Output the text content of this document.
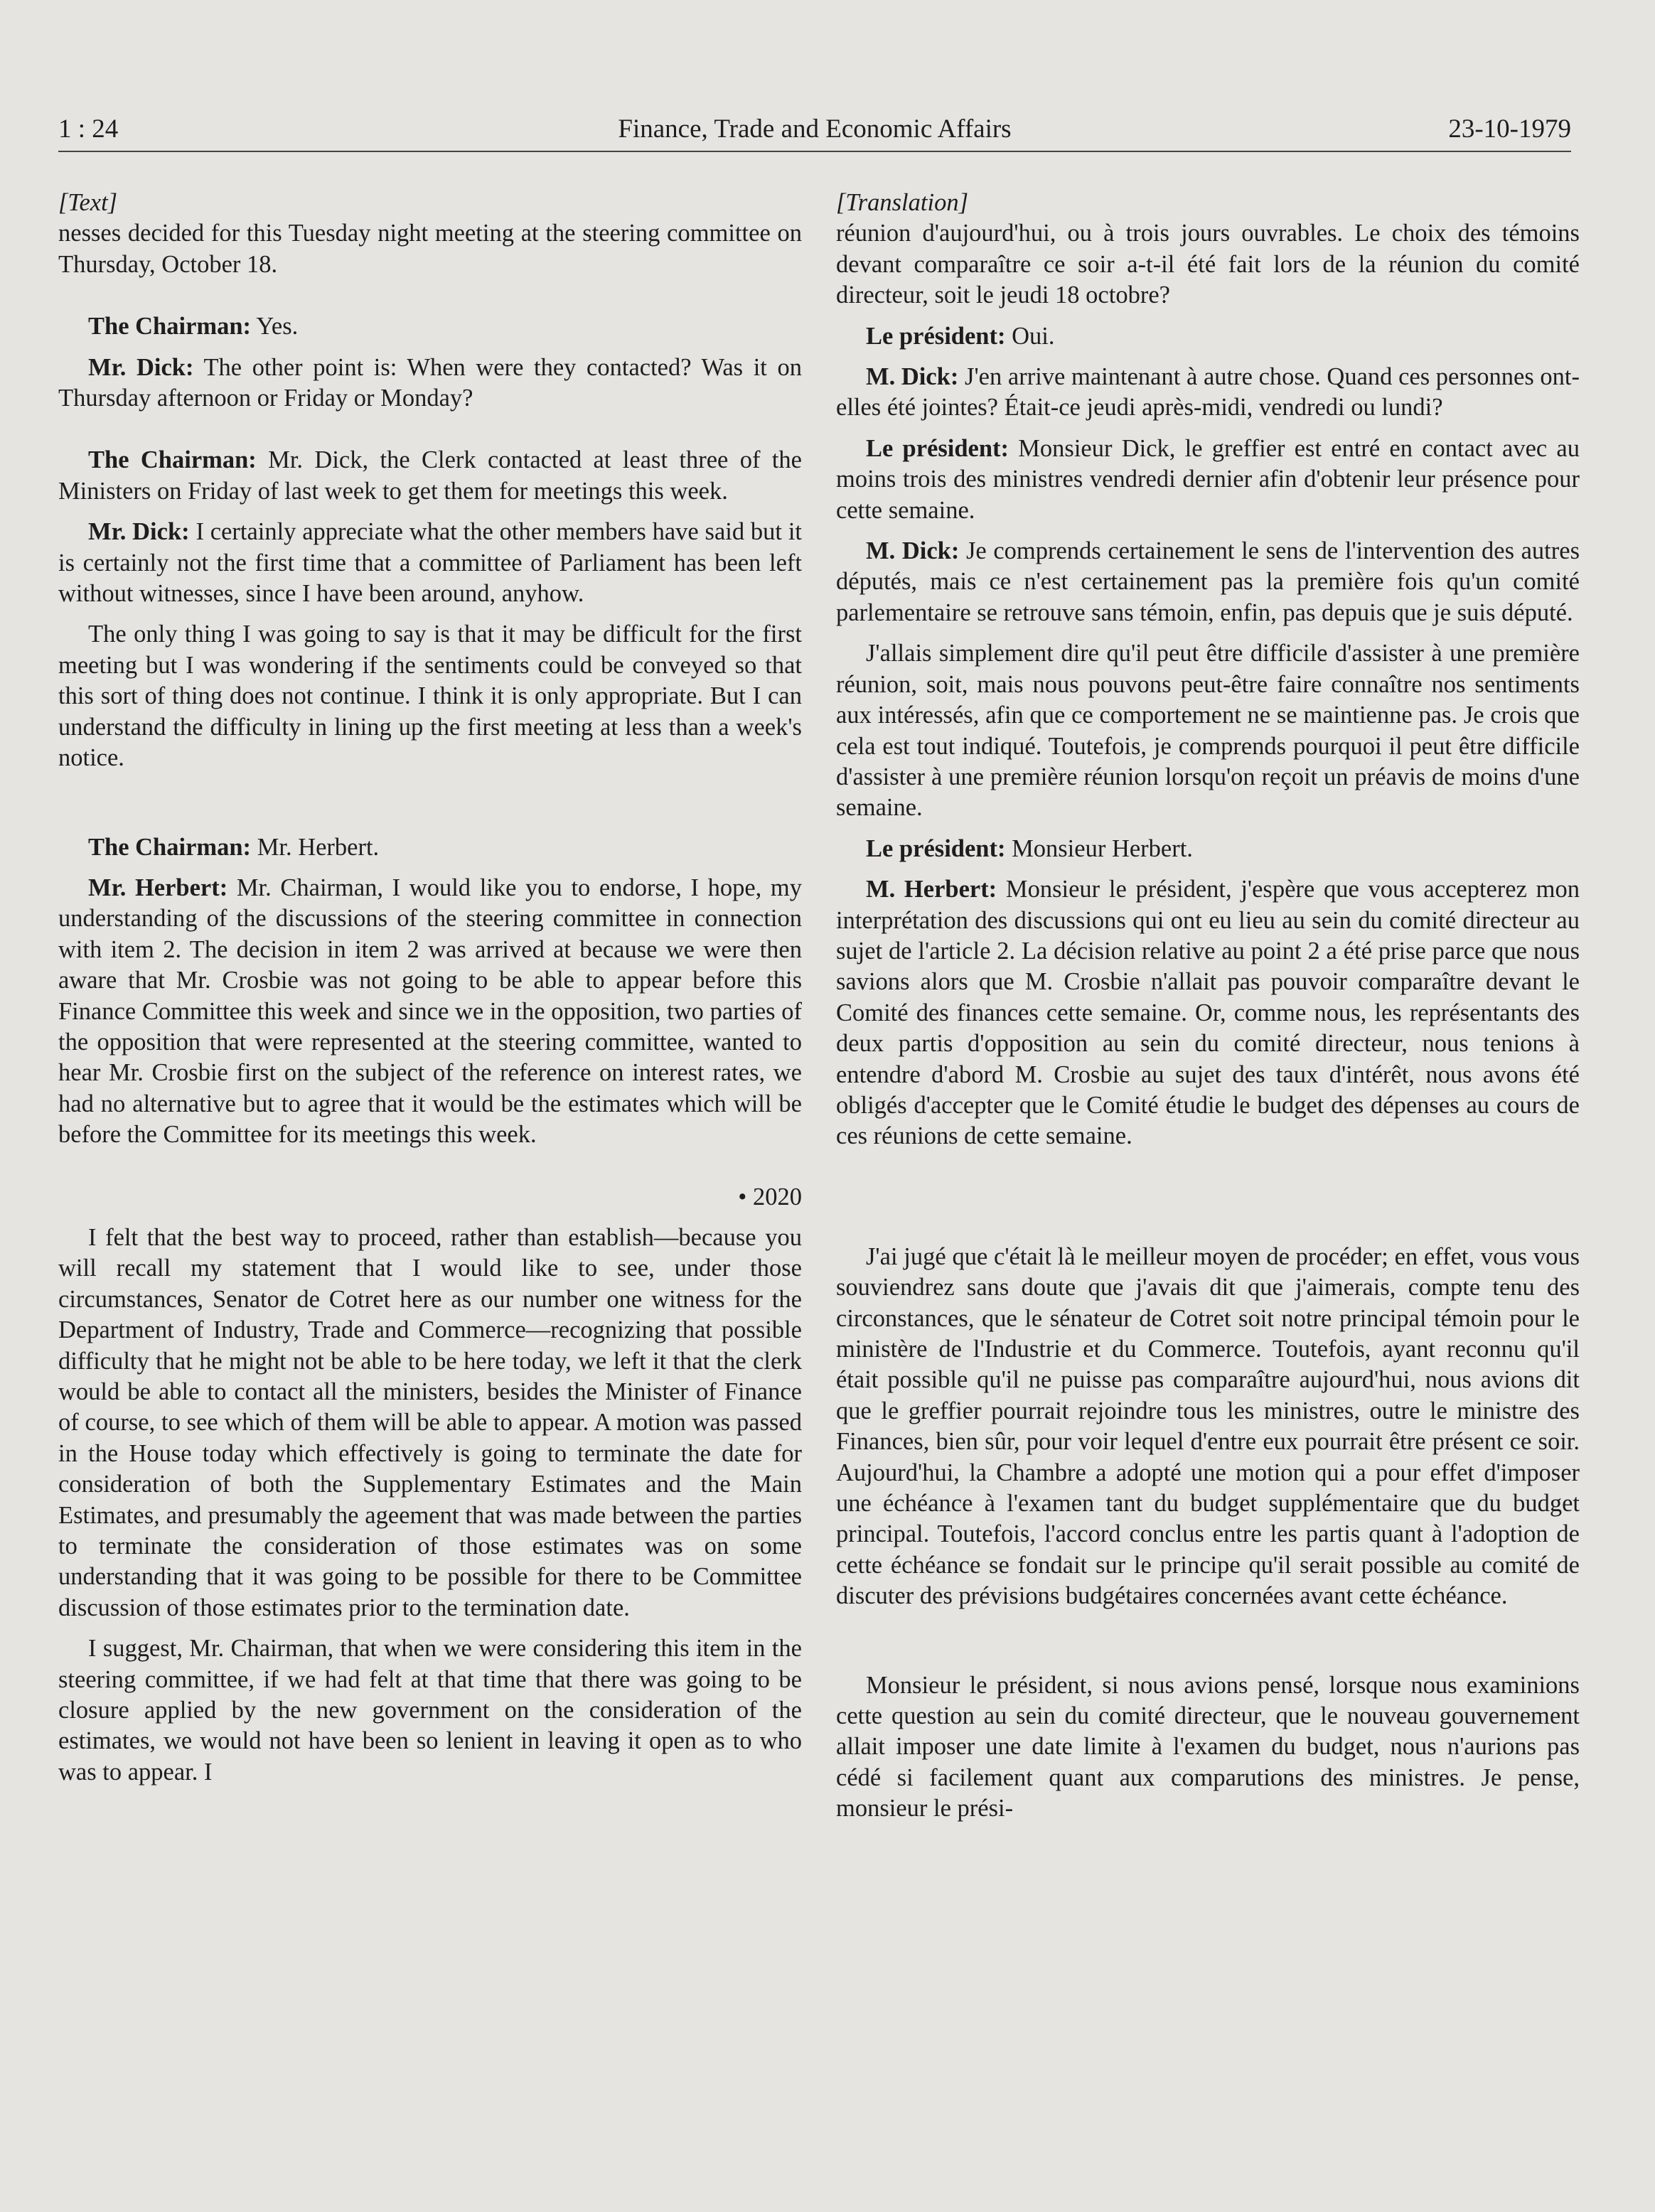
1 : 24	Finance, Trade and Economic Affairs	23-10-1979
[Text]

nesses decided for this Tuesday night meeting at the steering committee on Thursday, October 18.

The Chairman: Yes.

Mr. Dick: The other point is: When were they contacted? Was it on Thursday afternoon or Friday or Monday?

The Chairman: Mr. Dick, the Clerk contacted at least three of the Ministers on Friday of last week to get them for meetings this week.

Mr. Dick: I certainly appreciate what the other members have said but it is certainly not the first time that a committee of Parliament has been left without witnesses, since I have been around, anyhow.

The only thing I was going to say is that it may be difficult for the first meeting but I was wondering if the sentiments could be conveyed so that this sort of thing does not continue. I think it is only appropriate. But I can understand the difficulty in lining up the first meeting at less than a week's notice.

The Chairman: Mr. Herbert.

Mr. Herbert: Mr. Chairman, I would like you to endorse, I hope, my understanding of the discussions of the steering committee in connection with item 2. The decision in item 2 was arrived at because we were then aware that Mr. Crosbie was not going to be able to appear before this Finance Committee this week and since we in the opposition, two parties of the opposition that were represented at the steering committee, wanted to hear Mr. Crosbie first on the subject of the reference on interest rates, we had no alternative but to agree that it would be the estimates which will be before the Committee for its meetings this week.

• 2020

I felt that the best way to proceed, rather than establish—because you will recall my statement that I would like to see, under those circumstances, Senator de Cotret here as our number one witness for the Department of Industry, Trade and Commerce—recognizing that possible difficulty that he might not be able to be here today, we left it that the clerk would be able to contact all the ministers, besides the Minister of Finance of course, to see which of them will be able to appear. A motion was passed in the House today which effectively is going to terminate the date for consideration of both the Supplementary Estimates and the Main Estimates, and presumably the ageement that was made between the parties to terminate the consideration of those estimates was on some understanding that it was going to be possible for there to be Committee discussion of those estimates prior to the termination date.

I suggest, Mr. Chairman, that when we were considering this item in the steering committee, if we had felt at that time that there was going to be closure applied by the new government on the consideration of the estimates, we would not have been so lenient in leaving it open as to who was to appear. I

[Translation]

réunion d'aujourd'hui, ou à trois jours ouvrables. Le choix des témoins devant comparaître ce soir a-t-il été fait lors de la réunion du comité directeur, soit le jeudi 18 octobre?

Le président: Oui.

M. Dick: J'en arrive maintenant à autre chose. Quand ces personnes ont-elles été jointes? Était-ce jeudi après-midi, vendredi ou lundi?

Le président: Monsieur Dick, le greffier est entré en contact avec au moins trois des ministres vendredi dernier afin d'obtenir leur présence pour cette semaine.

M. Dick: Je comprends certainement le sens de l'intervention des autres députés, mais ce n'est certainement pas la première fois qu'un comité parlementaire se retrouve sans témoin, enfin, pas depuis que je suis député.

J'allais simplement dire qu'il peut être difficile d'assister à une première réunion, soit, mais nous pouvons peut-être faire connaître nos sentiments aux intéressés, afin que ce comportement ne se maintienne pas. Je crois que cela est tout indiqué. Toutefois, je comprends pourquoi il peut être difficile d'assister à une première réunion lorsqu'on reçoit un préavis de moins d'une semaine.

Le président: Monsieur Herbert.

M. Herbert: Monsieur le président, j'espère que vous accepterez mon interprétation des discussions qui ont eu lieu au sein du comité directeur au sujet de l'article 2. La décision relative au point 2 a été prise parce que nous savions alors que M. Crosbie n'allait pas pouvoir comparaître devant le Comité des finances cette semaine. Or, comme nous, les représentants des deux partis d'opposition au sein du comité directeur, nous tenions à entendre d'abord M. Crosbie au sujet des taux d'intérêt, nous avons été obligés d'accepter que le Comité étudie le budget des dépenses au cours de ces réunions de cette semaine.

J'ai jugé que c'était là le meilleur moyen de procéder; en effet, vous vous souviendrez sans doute que j'avais dit que j'aimerais, compte tenu des circonstances, que le sénateur de Cotret soit notre principal témoin pour le ministère de l'Industrie et du Commerce. Toutefois, ayant reconnu qu'il était possible qu'il ne puisse pas comparaître aujourd'hui, nous avions dit que le greffier pourrait rejoindre tous les ministres, outre le ministre des Finances, bien sûr, pour voir lequel d'entre eux pourrait être présent ce soir. Aujourd'hui, la Chambre a adopté une motion qui a pour effet d'imposer une échéance à l'examen tant du budget supplémentaire que du budget principal. Toutefois, l'accord conclus entre les partis quant à l'adoption de cette échéance se fondait sur le principe qu'il serait possible au comité de discuter des prévisions budgétaires concernées avant cette échéance.

Monsieur le président, si nous avions pensé, lorsque nous examinions cette question au sein du comité directeur, que le nouveau gouvernement allait imposer une date limite à l'examen du budget, nous n'aurions pas cédé si facilement quant aux comparutions des ministres. Je pense, monsieur le prési-
